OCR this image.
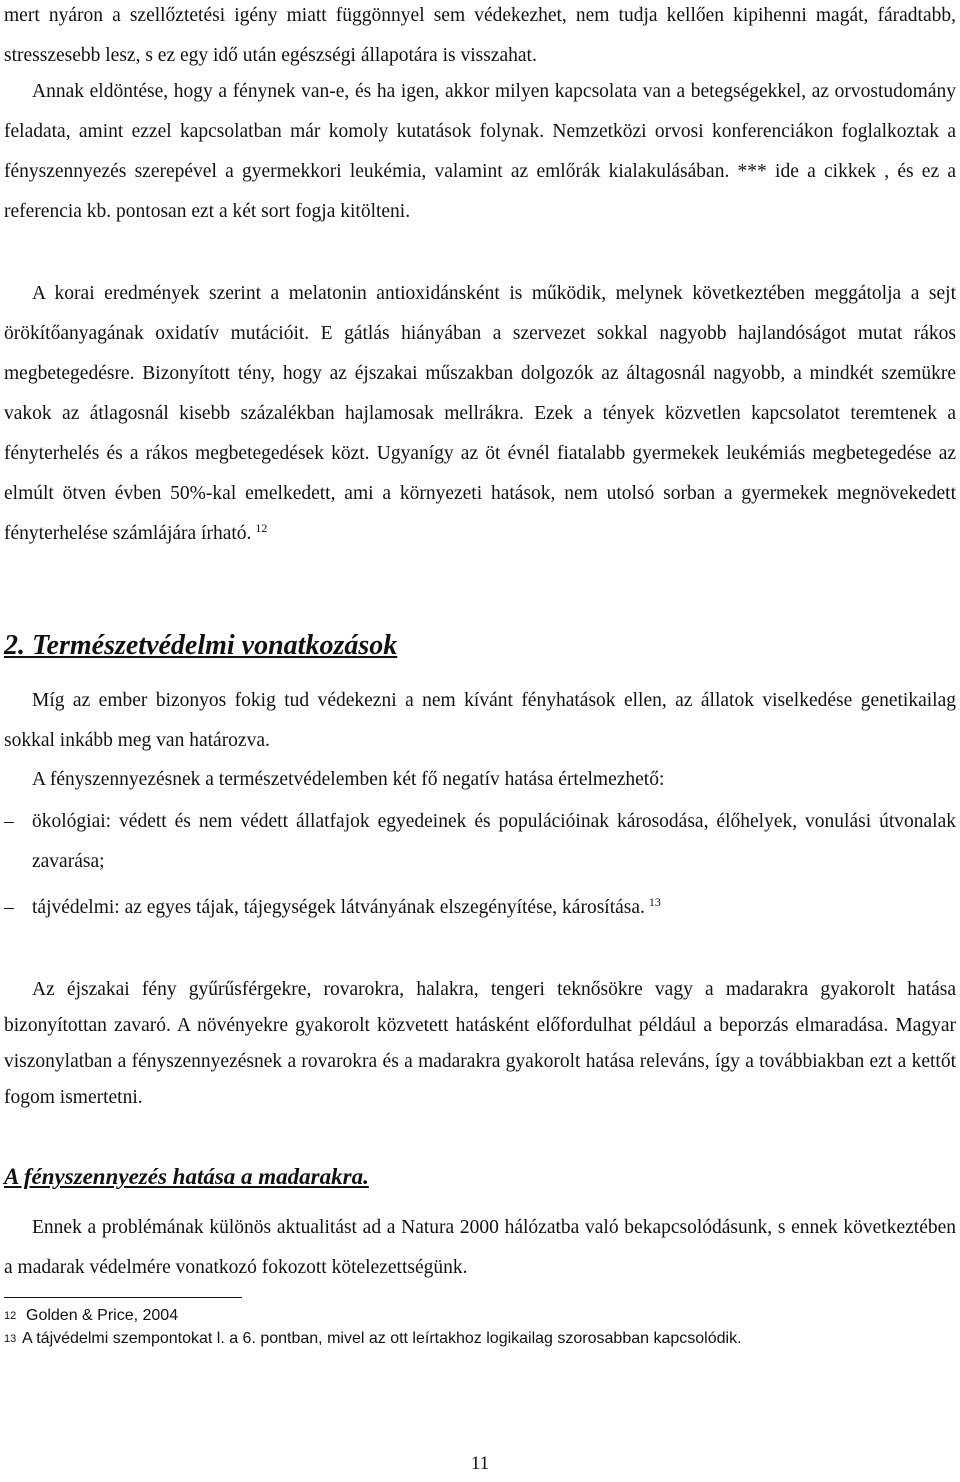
mert nyáron a szellőztetési igény miatt függönnyel sem védekezhet, nem tudja kellően kipihenni magát, fáradtabb, stresszesebb lesz, s ez egy idő után egészségi állapotára is visszahat.

Annak eldöntése, hogy a fénynek van-e, és ha igen, akkor milyen kapcsolata van a betegségekkel, az orvostudomány feladata, amint ezzel kapcsolatban már komoly kutatások folynak. Nemzetközi orvosi konferenciákon foglalkoztak a fényszennyezés szerepével a gyermekkori leukémia, valamint az emlőrák kialakulásában. *** ide a cikkek , és ez a referencia kb. pontosan ezt a két sort fogja kitölteni.

A korai eredmények szerint a melatonin antioxidánsként is működik, melynek következtében meggátolja a sejt örökítőanyagának oxidatív mutációit. E gátlás hiányában a szervezet sokkal nagyobb hajlandóságot mutat rákos megbetegedésre. Bizonyított tény, hogy az éjszakai műszakban dolgozók az áltagosnál nagyobb, a mindkét szemükre vakok az átlagosnál kisebb százalékban hajlamosak mellrákra. Ezek a tények közvetlen kapcsolatot teremtenek a fényterhelés és a rákos megbetegedések közt. Ugyanígy az öt évnél fiatalabb gyermekek leukémiás megbetegedése az elmúlt ötven évben 50%-kal emelkedett, ami a környezeti hatások, nem utolsó sorban a gyermekek megnövekedett fényterhelése számlájára írható. $^{12}$

2. Természetvédelmi vonatkozások

Míg az ember bizonyos fokig tud védekezni a nem kívánt fényhatások ellen, az állatok viselkedése genetikailag sokkal inkább meg van határozva.

A fényszennyezésnek a természetvédelemben két fő negatív hatása értelmezhető:

– ökológiai: védett és nem védett állatfajok egyedeinek és populációinak károsodása, élőhelyek, vonulási útvonalak zavarása;
– tájvédelmi: az egyes tájak, tájegységek látványának elszegényítése, károsítása. $^{13}$

Az éjszakai fény gyűrűsférgekre, rovarokra, halakra, tengeri teknősökre vagy a madarakra gyakorolt hatása bizonyítottan zavaró. A növényekre gyakorolt közvetett hatásként előfordulhat például a beporzás elmaradása. Magyar viszonylatban a fényszennyezésnek a rovarokra és a madarakra gyakorolt hatása releváns, így a továbbiakban ezt a kettőt fogom ismertetni.

A fényszennyezés hatása a madarakra.

Ennek a problémának különös aktualitást ad a Natura 2000 hálózatba való bekapcsolódásunk, s ennek következtében a madarak védelmére vonatkozó fokozott kötelezettségünk.

12 Golden & Price, 2004

13 A tájvédelmi szempontokat l. a 6. pontban, mivel az ott leírtakhoz logikailag szorosabban kapcsolódik.

11
